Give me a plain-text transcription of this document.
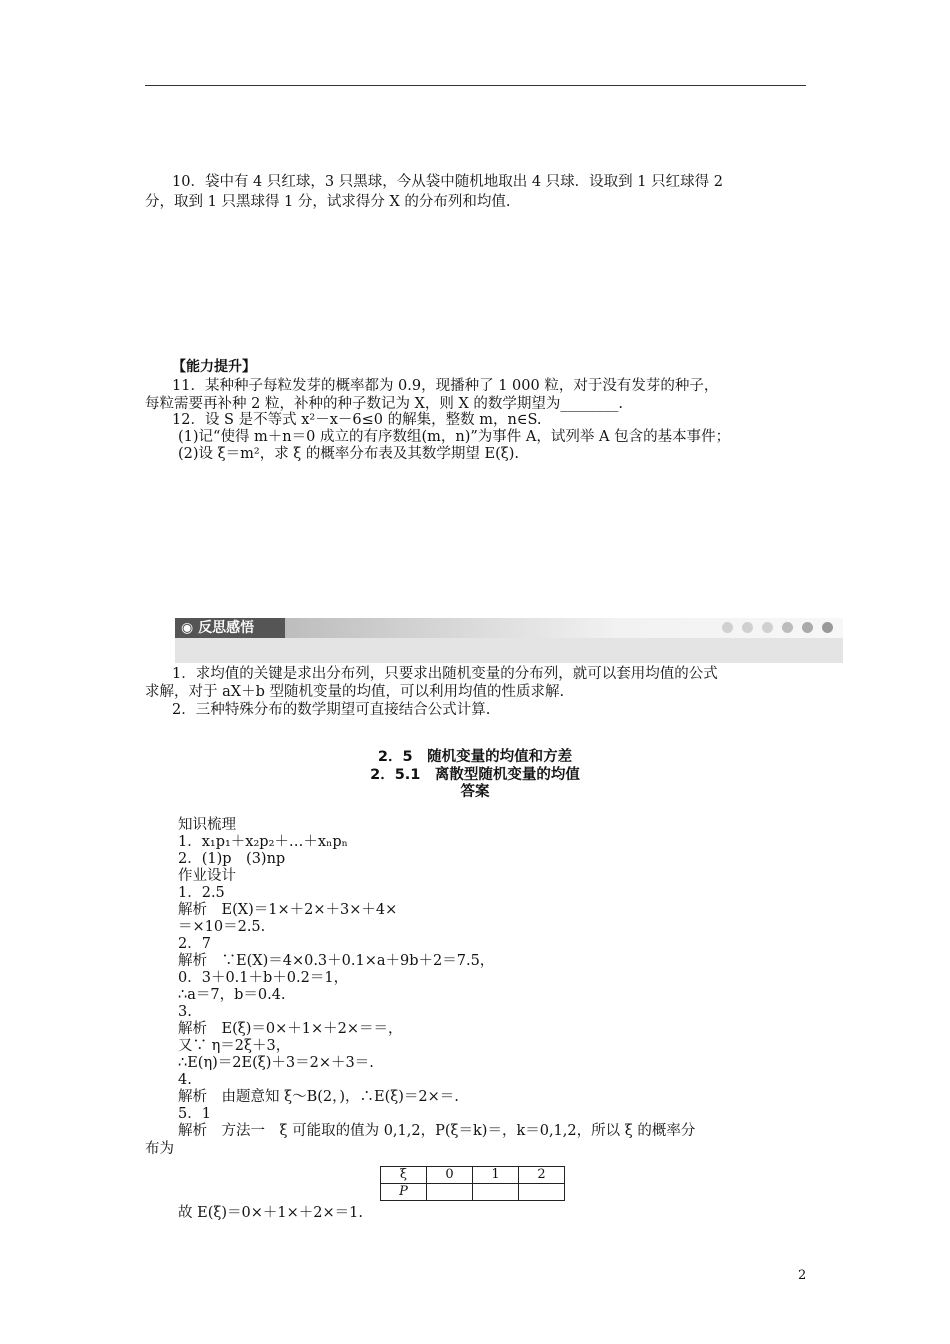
10．袋中有 4 只红球，3 只黑球，今从袋中随机地取出 4 只球．设取到 1 只红球得 2
分，取到 1 只黑球得 1 分，试求得分 X 的分布列和均值.
【能力提升】
11．某种种子每粒发芽的概率都为 0.9，现播种了 1 000 粒，对于没有发芽的种子，
每粒需要再补种 2 粒，补种的种子数记为 X，则 X 的数学期望为________.
12．设 S 是不等式 x²－x－6≤0 的解集，整数 m，n∈S.
(1)记“使得 m＋n＝0 成立的有序数组(m，n)”为事件 A，试列举 A 包含的基本事件；
(2)设 ξ＝m²，求 ξ 的概率分布表及其数学期望 E(ξ).
◉ 反思感悟
1．求均值的关键是求出分布列，只要求出随机变量的分布列，就可以套用均值的公式
求解，对于 aX＋b 型随机变量的均值，可以利用均值的性质求解.
2．三种特殊分布的数学期望可直接结合公式计算.
2．5　随机变量的均值和方差
2．5.1　离散型随机变量的均值
答案
知识梳理
1．x₁p₁＋x₂p₂＋…＋xₙpₙ
2．(1)p　(3)np
作业设计
1．2.5
解析　E(X)＝1×＋2×＋3×＋4×
＝×10＝2.5.
2．7
解析　∵E(X)＝4×0.3＋0.1×a＋9b＋2＝7.5，
0．3＋0.1＋b＋0.2＝1，
∴a＝7，b＝0.4.
3.
解析　E(ξ)＝0×＋1×＋2×＝＝，
又∵ η＝2ξ＋3，
∴E(η)＝2E(ξ)＋3＝2×＋3＝.
4.
解析　由题意知 ξ～B(2，)，∴E(ξ)＝2×＝.
5．1
解析　方法一　ξ 可能取的值为 0,1,2，P(ξ＝k)＝，k＝0,1,2，所以 ξ 的概率分
布为
ξ	0	1	2
P			
故 E(ξ)＝0×＋1×＋2×＝1.
2
